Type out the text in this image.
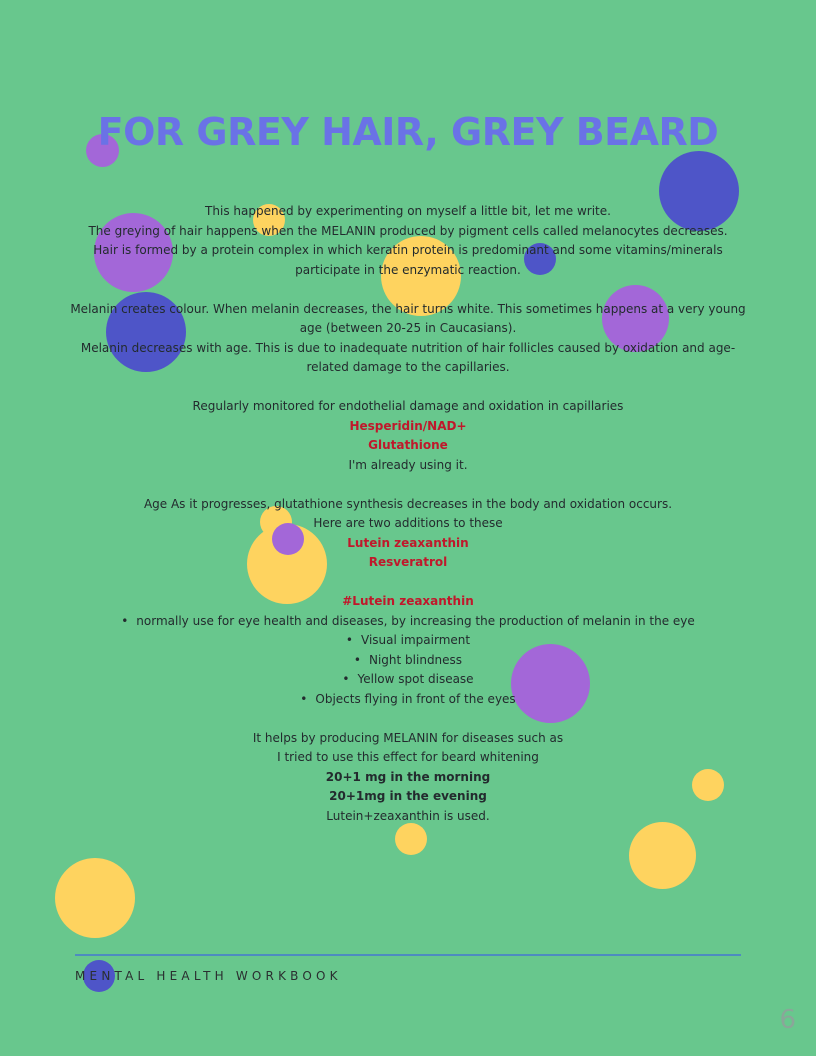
FOR GREY HAIR, GREY BEARD

This happened by experimenting on myself a little bit, let me write.

The greying of hair happens when the MELANIN produced by pigment cells called melanocytes decreases.

Hair is formed by a protein complex in which keratin protein is predominant and some vitamins/minerals

participate in the enzymatic reaction.

Melanin creates colour. When melanin decreases, the hair turns white. This sometimes happens at a very young

age (between 20-25 in Caucasians).

Melanin decreases with age. This is due to inadequate nutrition of hair follicles caused by oxidation and age-

related damage to the capillaries.

Regularly monitored for endothelial damage and oxidation in capillaries

Hesperidin/NAD+

Glutathione

I'm already using it.

Age As it progresses, glutathione synthesis decreases in the body and oxidation occurs.

Here are two additions to these

Lutein zeaxanthin

Resveratrol

#Lutein zeaxanthin

• normally use for eye health and diseases, by increasing the production of melanin in the eye

• Visual impairment

• Night blindness

• Yellow spot disease

• Objects flying in front of the eyes

It helps by producing MELANIN for diseases such as

I tried to use this effect for beard whitening

20+1 mg in the morning

20+1mg in the evening

Lutein+zeaxanthin is used.

MENTAL HEALTH WORKBOOK
6
